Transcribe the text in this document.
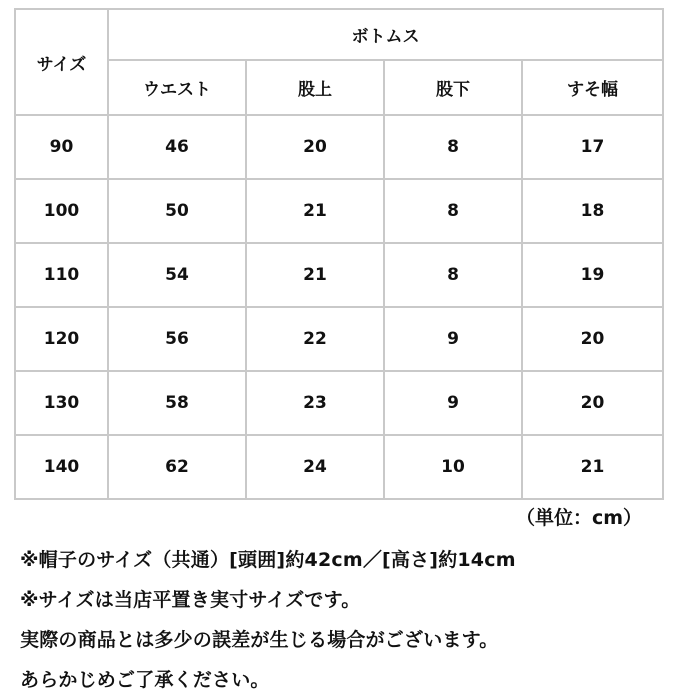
サイズ	ボトムス			
	ウエスト	股上	股下	すそ幅
90	46	20	8	17
100	50	21	8	18
110	54	21	8	19
120	56	22	9	20
130	58	23	9	20
140	62	24	10	21
（単位：cm）
※帽子のサイズ（共通）[頭囲]約42cm／[高さ]約14cm
※サイズは当店平置き実寸サイズです。
実際の商品とは多少の誤差が生じる場合がございます。
あらかじめご了承ください。
